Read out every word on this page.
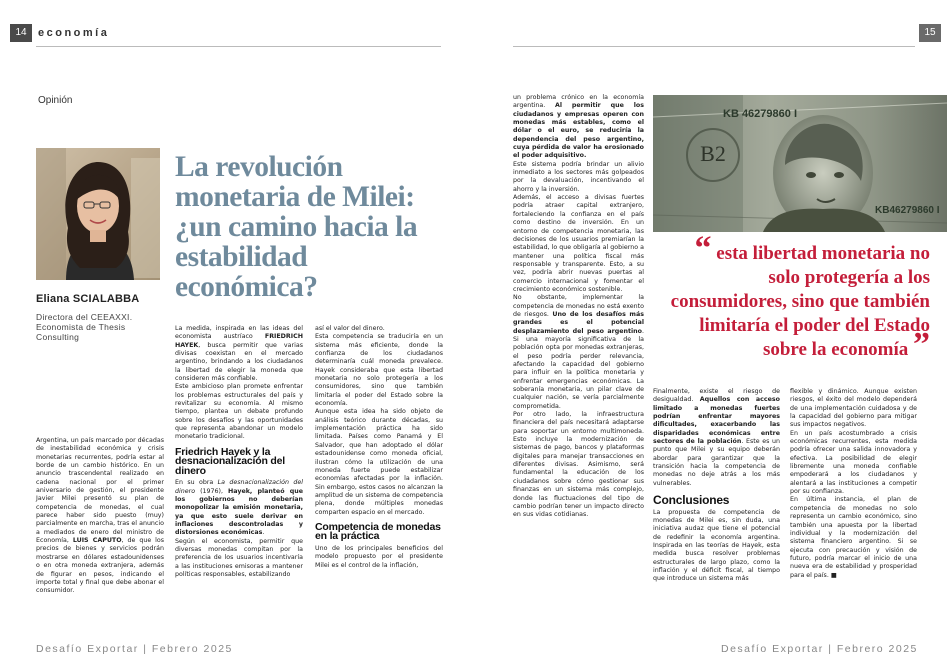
14	economía	15
Opinión
La revolución monetaria de Milei: ¿un camino hacia la estabilidad económica?
Eliana SCIALABBA
Directora del CEEAXXI.
Economista de Thesis Consulting

Argentina, un país marcado por décadas de inestabilidad económica y crisis monetarias recurrentes, podría estar al borde de un cambio histórico. En un anuncio trascendental realizado en cadena nacional por el primer aniversario de gestión, el presidente Javier Milei presentó su plan de competencia de monedas, el cual parece haber sido puesto (muy) parcialmente en marcha, tras el anuncio a mediados de enero del ministro de Economía, LUIS CAPUTO, de que los precios de bienes y servicios podrán mostrarse en dólares estadounidenses o en otra moneda extranjera, además de figurar en pesos, indicando el importe total y final que debe abonar el consumidor.

La medida, inspirada en las ideas del economista austríaco FRIEDRICH HAYEK, busca permitir que varias divisas coexistan en el mercado argentino, brindando a los ciudadanos la libertad de elegir la moneda que consideren más confiable.

Este ambicioso plan promete enfrentar los problemas estructurales del país y revitalizar su economía. Al mismo tiempo, plantea un debate profundo sobre los desafíos y las oportunidades que representa abandonar un modelo monetario tradicional.

Friedrich Hayek y la desnacionalización del dinero

En su obra La desnacionalización del dinero (1976), Hayek, planteó que los gobiernos no deberían monopolizar la emisión monetaria, ya que esto suele derivar en inflaciones descontroladas y distorsiones económicas.

Según el economista, permitir que diversas monedas compitan por la preferencia de los usuarios incentivaría a las instituciones emisoras a mantener políticas responsables, estabilizando

así el valor del dinero.

Esta competencia se traduciría en un sistema más eficiente, donde la confianza de los ciudadanos determinaría cuál moneda prevalece. Hayek consideraba que esta libertad monetaria no solo protegería a los consumidores, sino que también limitaría el poder del Estado sobre la economía.

Aunque esta idea ha sido objeto de análisis teórico durante décadas, su implementación práctica ha sido limitada. Países como Panamá y El Salvador, que han adoptado el dólar estadounidense como moneda oficial, ilustran cómo la utilización de una moneda fuerte puede estabilizar economías afectadas por la inflación. Sin embargo, estos casos no alcanzan la amplitud de un sistema de competencia plena, donde múltiples monedas comparten espacio en el mercado.

Competencia de monedas en la práctica

Uno de los principales beneficios del modelo propuesto por el presidente Milei es el control de la inflación,

un problema crónico en la economía argentina. Al permitir que los ciudadanos y empresas operen con monedas más estables, como el dólar o el euro, se reduciría la dependencia del peso argentino, cuya pérdida de valor ha erosionado el poder adquisitivo.

Este sistema podría brindar un alivio inmediato a los sectores más golpeados por la devaluación, incentivando el ahorro y la inversión.

Además, el acceso a divisas fuertes podría atraer capital extranjero, fortaleciendo la confianza en el país como destino de inversión. En un entorno de competencia monetaria, las decisiones de los usuarios premiarían la estabilidad, lo que obligaría al gobierno a mantener una política fiscal más responsable y transparente. Esto, a su vez, podría abrir nuevas puertas al comercio internacional y fomentar el crecimiento económico sostenible.

No obstante, implementar la competencia de monedas no está exento de riesgos. Uno de los desafíos más grandes es el potencial desplazamiento del peso argentino. Si una mayoría significativa de la población opta por monedas extranjeras, el peso podría perder relevancia, afectando la capacidad del gobierno para influir en la política monetaria y enfrentar emergencias económicas. La soberanía monetaria, un pilar clave de cualquier nación, se vería parcialmente comprometida.

Por otro lado, la infraestructura financiera del país necesitará adaptarse para soportar un entorno multimoneda. Esto incluye la modernización de sistemas de pago, bancos y plataformas digitales para manejar transacciones en diferentes divisas. Asimismo, será fundamental la educación de los ciudadanos sobre cómo gestionar sus finanzas en un sistema más complejo, donde las fluctuaciones del tipo de cambio podrían tener un impacto directo en sus vidas cotidianas.

B2
KB 46279860 I
KB46279860 I
“ esta libertad monetaria no solo protegería a los consumidores, sino que también limitaría el poder del Estado sobre la economía ”

Finalmente, existe el riesgo de desigualdad. Aquellos con acceso limitado a monedas fuertes podrían enfrentar mayores dificultades, exacerbando las disparidades económicas entre sectores de la población. Este es un punto que Milei y su equipo deberán abordar para garantizar que la transición hacia la competencia de monedas no deje atrás a los más vulnerables.

Conclusiones

La propuesta de competencia de monedas de Milei es, sin duda, una iniciativa audaz que tiene el potencial de redefinir la economía argentina. Inspirada en las teorías de Hayek, esta medida busca resolver problemas estructurales de largo plazo, como la inflación y el déficit fiscal, al tiempo que introduce un sistema más

flexible y dinámico. Aunque existen riesgos, el éxito del modelo dependerá de una implementación cuidadosa y de la capacidad del gobierno para mitigar sus impactos negativos.

En un país acostumbrado a crisis económicas recurrentes, esta medida podría ofrecer una salida innovadora y efectiva. La posibilidad de elegir libremente una moneda confiable empoderará a los ciudadanos y alentará a las instituciones a competir por su confianza.

En última instancia, el plan de competencia de monedas no solo representa un cambio económico, sino también una apuesta por la libertad individual y la modernización del sistema financiero argentino. Si se ejecuta con precaución y visión de futuro, podría marcar el inicio de una nueva era de estabilidad y prosperidad para el país. ■

Desafío Exportar | Febrero 2025	Desafío Exportar | Febrero 2025
